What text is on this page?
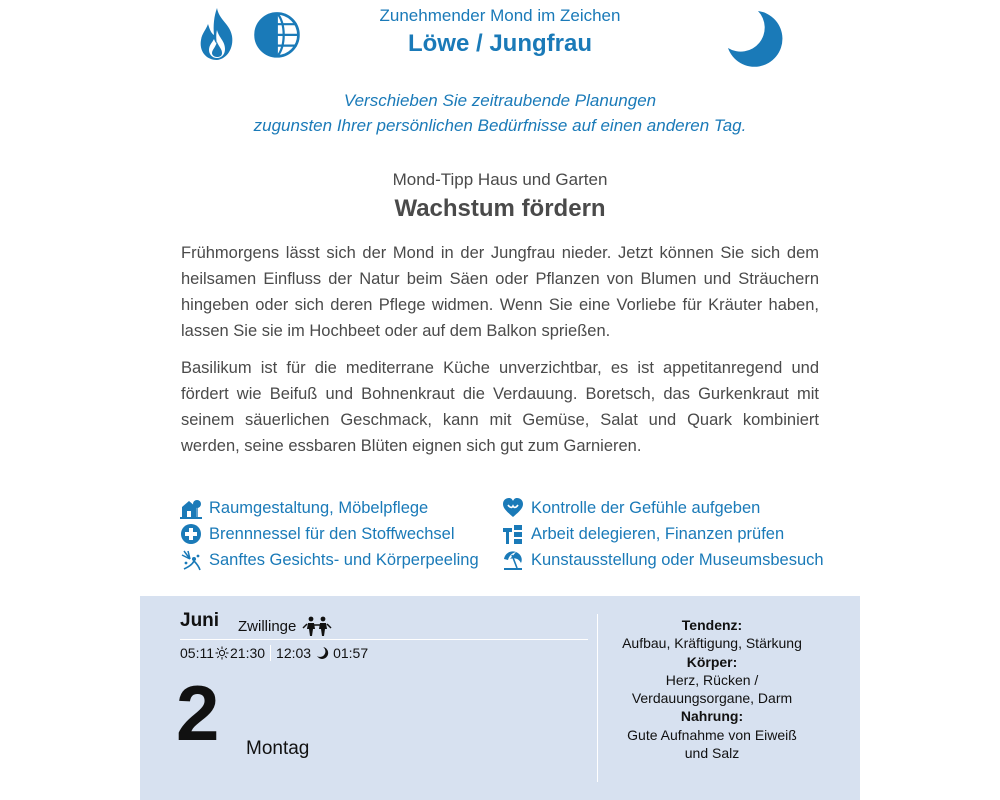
Zunehmender Mond im Zeichen
Löwe / Jungfrau
Verschieben Sie zeitraubende Planungen
zugunsten Ihrer persönlichen Bedürfnisse auf einen anderen Tag.
Mond-Tipp Haus und Garten
Wachstum fördern

Frühmorgens lässt sich der Mond in der Jungfrau nieder. Jetzt können Sie sich dem heilsamen Einfluss der Natur beim Säen oder Pflanzen von Blumen und Sträuchern hingeben oder sich deren Pflege widmen. Wenn Sie eine Vorliebe für Kräuter haben, lassen Sie sie im Hochbeet oder auf dem Balkon sprießen.

Basilikum ist für die mediterrane Küche unverzichtbar, es ist appetitanregend und fördert wie Beifuß und Bohnenkraut die Verdauung. Boretsch, das Gurkenkraut mit seinem säuerlichen Geschmack, kann mit Gemüse, Salat und Quark kombiniert werden, seine essbaren Blüten eignen sich gut zum Garnieren.

Raumgestaltung, Möbelpflege	Kontrolle der Gefühle aufgeben
Brennnessel für den Stoffwechsel	Arbeit delegieren, Finanzen prüfen
Sanftes Gesichts- und Körperpeeling	Kunstausstellung oder Museumsbesuch
Juni Zwillinge
05:11 21:30 12:03 01:57
2 Montag
Tendenz:
Aufbau, Kräftigung, Stärkung
Körper:
Herz, Rücken /
Verdauungsorgane, Darm
Nahrung:
Gute Aufnahme von Eiweiß
und Salz
